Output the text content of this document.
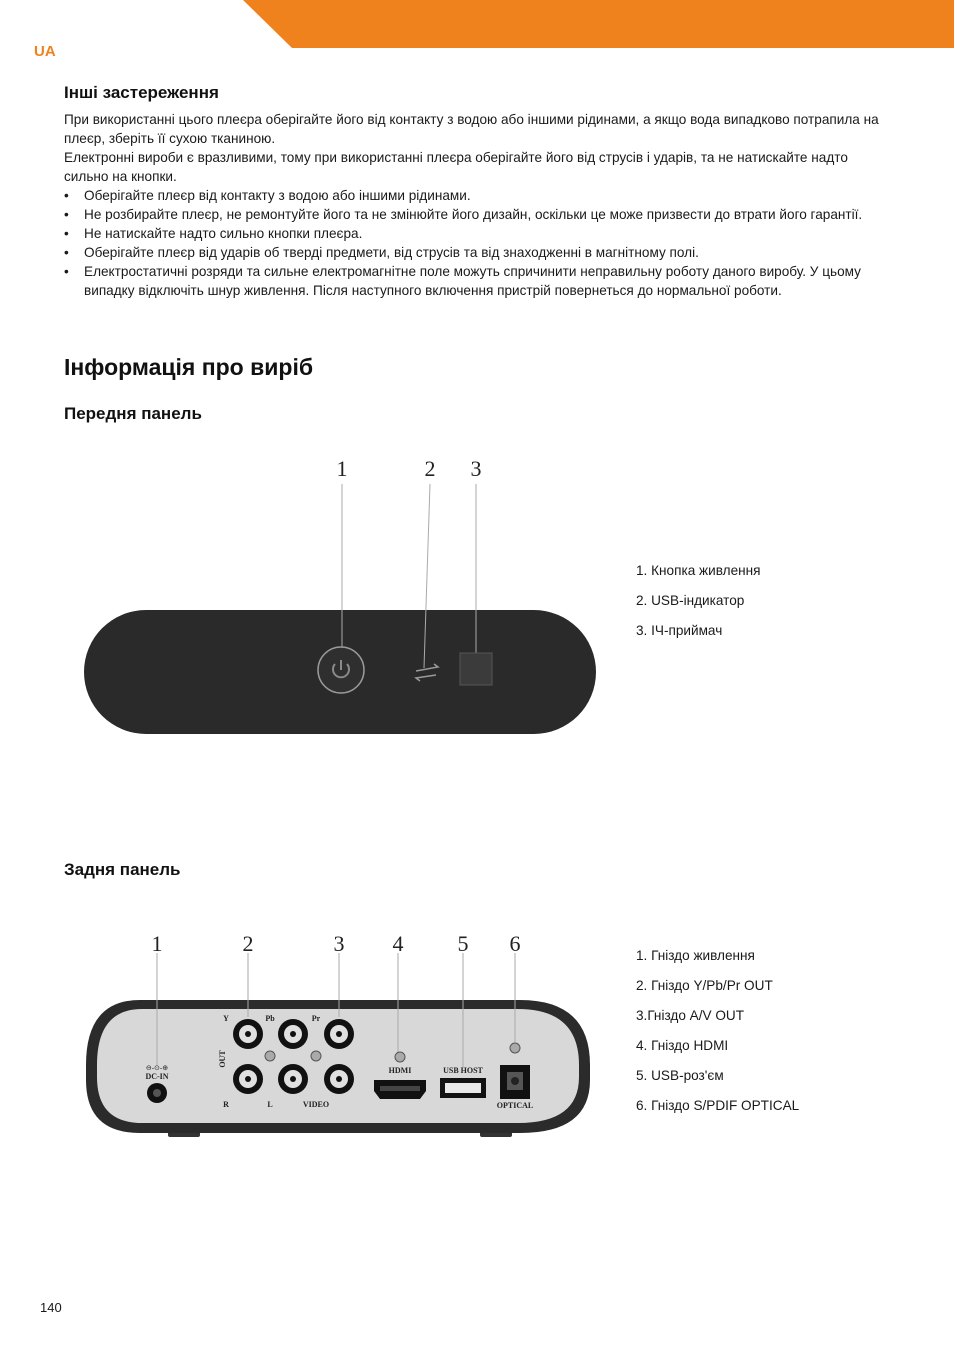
UA
Інші застереження
При використанні цього плеєра оберігайте його від контакту з водою або іншими рідинами, а якщо вода випадково потрапила на плеєр, зберіть її сухою тканиною.
Електронні вироби є вразливими, тому при використанні плеєра оберігайте його від струсів і ударів, та не натискайте надто сильно на кнопки.
• Оберігайте плеєр від контакту з водою або іншими рідинами.
• Не розбирайте плеєр, не ремонтуйте його та не змінюйте його дизайн, оскільки це може призвести до втрати його гарантії.
• Не натискайте надто сильно кнопки плеєра.
• Оберігайте плеєр від ударів об тверді предмети, від струсів та від знаходженні в магнітному полі.
• Електростатичні розряди та сильне електромагнітне поле можуть спричинити неправильну роботу даного виробу. У цьому випадку відключіть шнур живлення. Після наступного включення пристрій повернеться до нормальної роботи.
Інформація про виріб
Передня панель
1	2 3
1. Кнопка живлення
2. USB-індикатор
3. ІЧ-приймач
Задня панель
1	2	3 4 5 6
⊖-⊙-⊕
DC-IN
Y	Pb	Pr
OUT
R	L	VIDEO
HDMI	USB HOST
OPTICAL
1. Гніздо живлення
2. Гніздо Y/Pb/Pr OUT
3.Гніздо A/V OUT
4. Гніздо HDMI
5. USB-роз'єм
6. Гніздо S/PDIF OPTICAL
140
